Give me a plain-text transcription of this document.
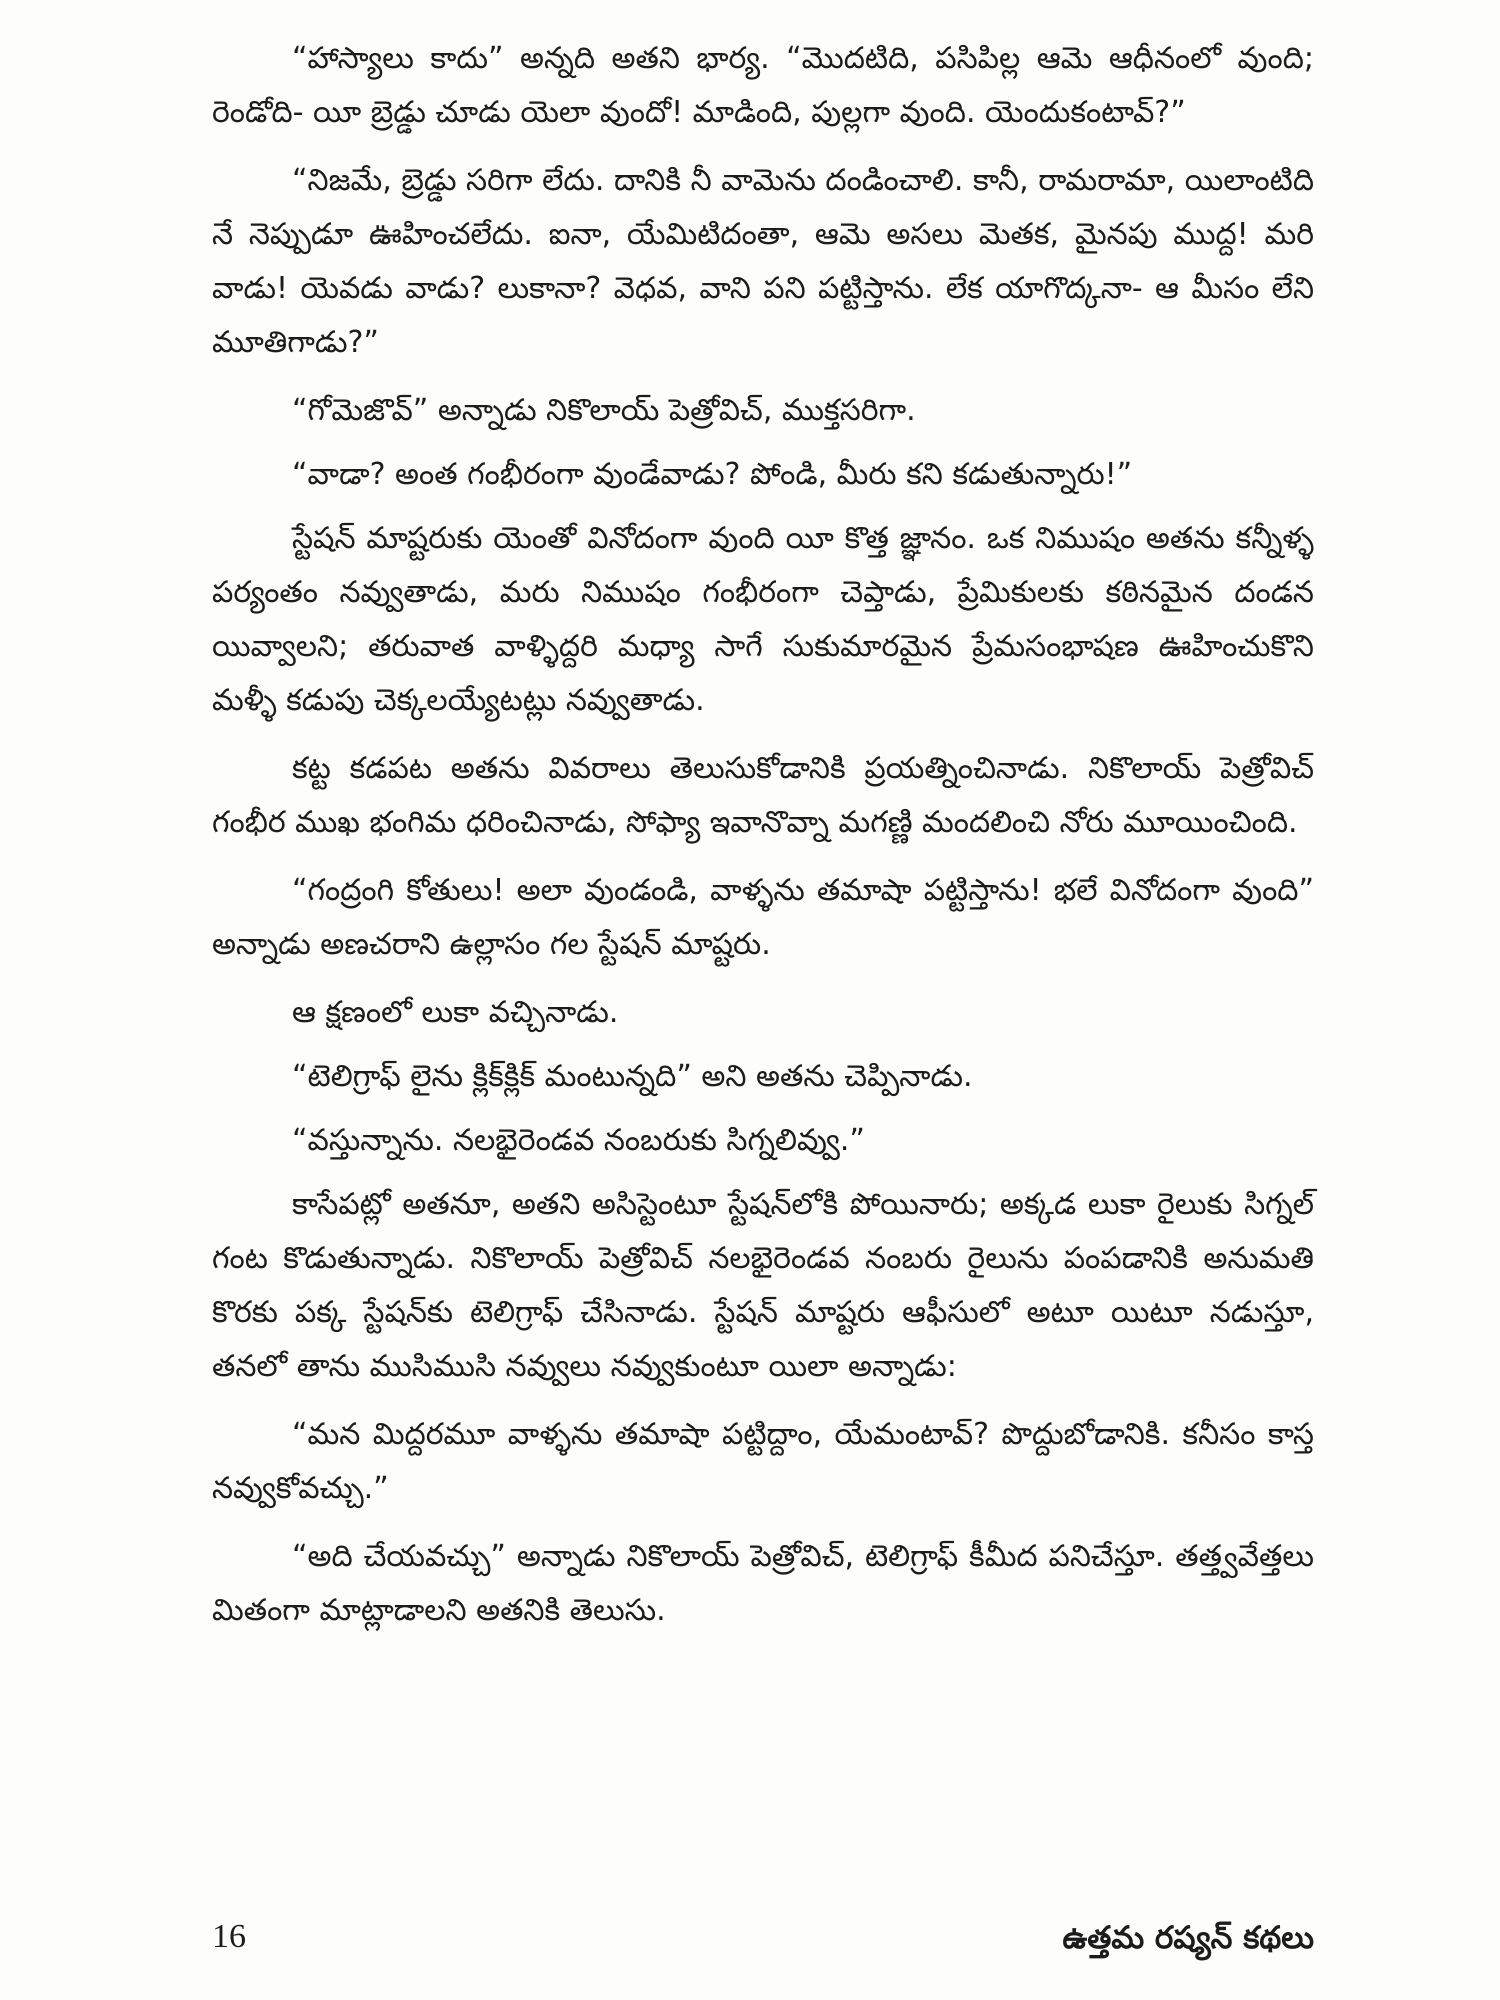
“హాస్యాలు కాదు” అన్నది అతని భార్య. “మొదటిది, పసిపిల్ల ఆమె ఆధీనంలో వుంది; రెండోది- యీ బ్రెడ్డు చూడు యెలా వుందో! మాడింది, పుల్లగా వుంది. యెందుకంటావ్?”

“నిజమే, బ్రెడ్డు సరిగా లేదు. దానికి నీ వామెను దండించాలి. కానీ, రామరామా, యిలాంటిది నే నెప్పుడూ ఊహించలేదు. ఐనా, యేమిటిదంతా, ఆమె అసలు మెతక, మైనపు ముద్ద! మరి వాడు! యెవడు వాడు? లుకానా? వెధవ, వాని పని పట్టిస్తాను. లేక యాగొద్కనా- ఆ మీసం లేని మూతిగాడు?”

“గోమెజొవ్” అన్నాడు నికొలాయ్ పెత్రోవిచ్, ముక్తసరిగా.

“వాడా? అంత గంభీరంగా వుండేవాడు? పోండి, మీరు కని కడుతున్నారు!”

స్టేషన్ మాష్టరుకు యెంతో వినోదంగా వుంది యీ కొత్త జ్ఞానం. ఒక నిముషం అతను కన్నీళ్ళ పర్యంతం నవ్వుతాడు, మరు నిముషం గంభీరంగా చెప్తాడు, ప్రేమికులకు కఠినమైన దండన యివ్వాలని; తరువాత వాళ్ళిద్దరి మధ్యా సాగే సుకుమారమైన ప్రేమసంభాషణ ఊహించుకొని మళ్ళీ కడుపు చెక్కలయ్యేటట్లు నవ్వుతాడు.

కట్ట కడపట అతను వివరాలు తెలుసుకోడానికి ప్రయత్నించినాడు. నికొలాయ్ పెత్రోవిచ్ గంభీర ముఖ భంగిమ ధరించినాడు, సోఫ్యా ఇవానొవ్నా మగణ్ణి మందలించి నోరు మూయించింది.

“గంద్రంగి కోతులు! అలా వుండండి, వాళ్ళను తమాషా పట్టిస్తాను! భలే వినోదంగా వుంది” అన్నాడు అణచరాని ఉల్లాసం గల స్టేషన్ మాష్టరు.

ఆ క్షణంలో లుకా వచ్చినాడు.

“టెలిగ్రాఫ్ లైను క్లిక్‌క్లిక్ మంటున్నది” అని అతను చెప్పినాడు.

“వస్తున్నాను. నలభైరెండవ నంబరుకు సిగ్నలివ్వు.”

కాసేపట్లో అతనూ, అతని అసిస్టెంటూ స్టేషన్‌లోకి పోయినారు; అక్కడ లుకా రైలుకు సిగ్నల్ గంట కొడుతున్నాడు. నికొలాయ్ పెత్రోవిచ్ నలభైరెండవ నంబరు రైలును పంపడానికి అనుమతి కొరకు పక్క స్టేషన్‌కు టెలిగ్రాఫ్ చేసినాడు. స్టేషన్ మాష్టరు ఆఫీసులో అటూ యిటూ నడుస్తూ, తనలో తాను ముసిముసి నవ్వులు నవ్వుకుంటూ యిలా అన్నాడు:

“మన మిద్దరమూ వాళ్ళను తమాషా పట్టిద్దాం, యేమంటావ్? పొద్దుబోడానికి. కనీసం కాస్త నవ్వుకోవచ్చు.”

“అది చేయవచ్చు” అన్నాడు నికొలాయ్ పెత్రోవిచ్, టెలిగ్రాఫ్ కీమీద పనిచేస్తూ. తత్త్వవేత్తలు మితంగా మాట్లాడాలని అతనికి తెలుసు.

16	ఉత్తమ రష్యన్ కథలు
